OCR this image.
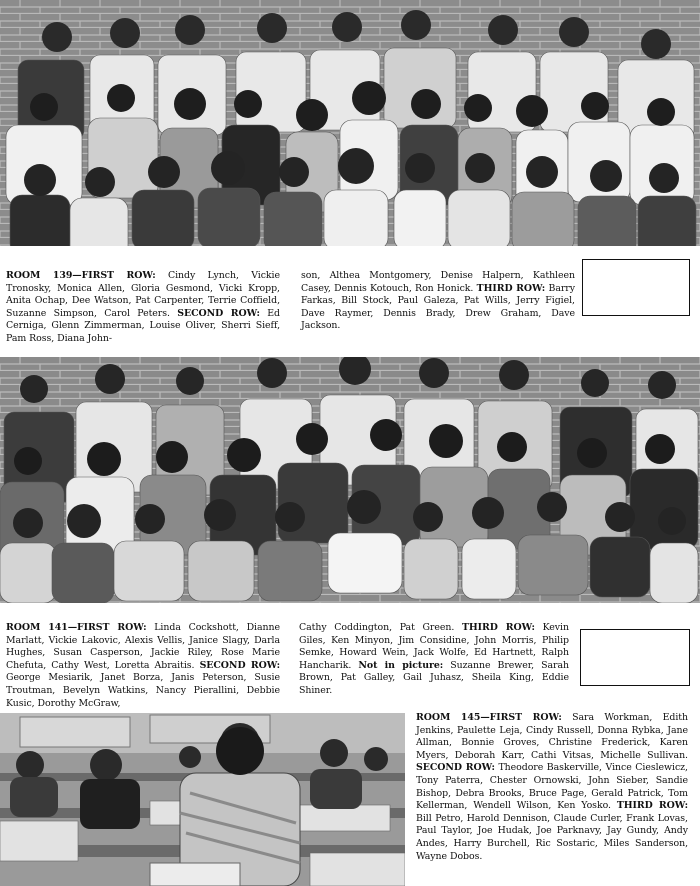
ROOM 139—FIRST ROW: Cindy Lynch, Vickie Tronosky, Monica Allen, Gloria Gesmond, Vicki Kropp, Anita Ochap, Dee Watson, Pat Carpenter, Terrie Coffield, Suzanne Simpson, Carol Peters. SECOND ROW: Ed Cerniga, Glenn Zimmerman, Louise Oliver, Sherri Sieff, Pam Ross, Diana John-

son, Althea Montgomery, Denise Halpern, Kathleen Casey, Dennis Kotouch, Ron Honick. THIRD ROW: Barry Farkas, Bill Stock, Paul Galeza, Pat Wills, Jerry Figiel, Dave Raymer, Dennis Brady, Drew Graham, Dave Jackson.

ROOM 141—FIRST ROW: Linda Cockshott, Dianne Marlatt, Vickie Lakovic, Alexis Vellis, Janice Slagy, Darla Hughes, Susan Casperson, Jackie Riley, Rose Marie Chefuta, Cathy West, Loretta Abraitis. SECOND ROW: George Mesiarik, Janet Borza, Janis Peterson, Susie Troutman, Bevelyn Watkins, Nancy Pierallini, Debbie Kusic, Dorothy McGraw,

Cathy Coddington, Pat Green. THIRD ROW: Kevin Giles, Ken Minyon, Jim Considine, John Morris, Philip Semke, Howard Wein, Jack Wolfe, Ed Hartnett, Ralph Hancharik. Not in picture: Suzanne Brewer, Sarah Brown, Pat Galley, Gail Juhasz, Sheila King, Eddie Shiner.

ROOM 145—FIRST ROW: Sara Workman, Edith Jenkins, Paulette Leja, Cindy Russell, Donna Rybka, Jane Allman, Bonnie Groves, Christine Frederick, Karen Myers, Deborah Karr, Cathi Vitsas, Michelle Sullivan. SECOND ROW: Theodore Baskerville, Vince Cieslewicz, Tony Paterra, Chester Ornowski, John Sieber, Sandie Bishop, Debra Brooks, Bruce Page, Gerald Patrick, Tom Kellerman, Wendell Wilson, Ken Yosko. THIRD ROW: Bill Petro, Harold Dennison, Claude Curler, Frank Lovas, Paul Taylor, Joe Hudak, Joe Parknavy, Jay Gundy, Andy Andes, Harry Burchell, Ric Sostaric, Miles Sanderson, Wayne Dobos.
